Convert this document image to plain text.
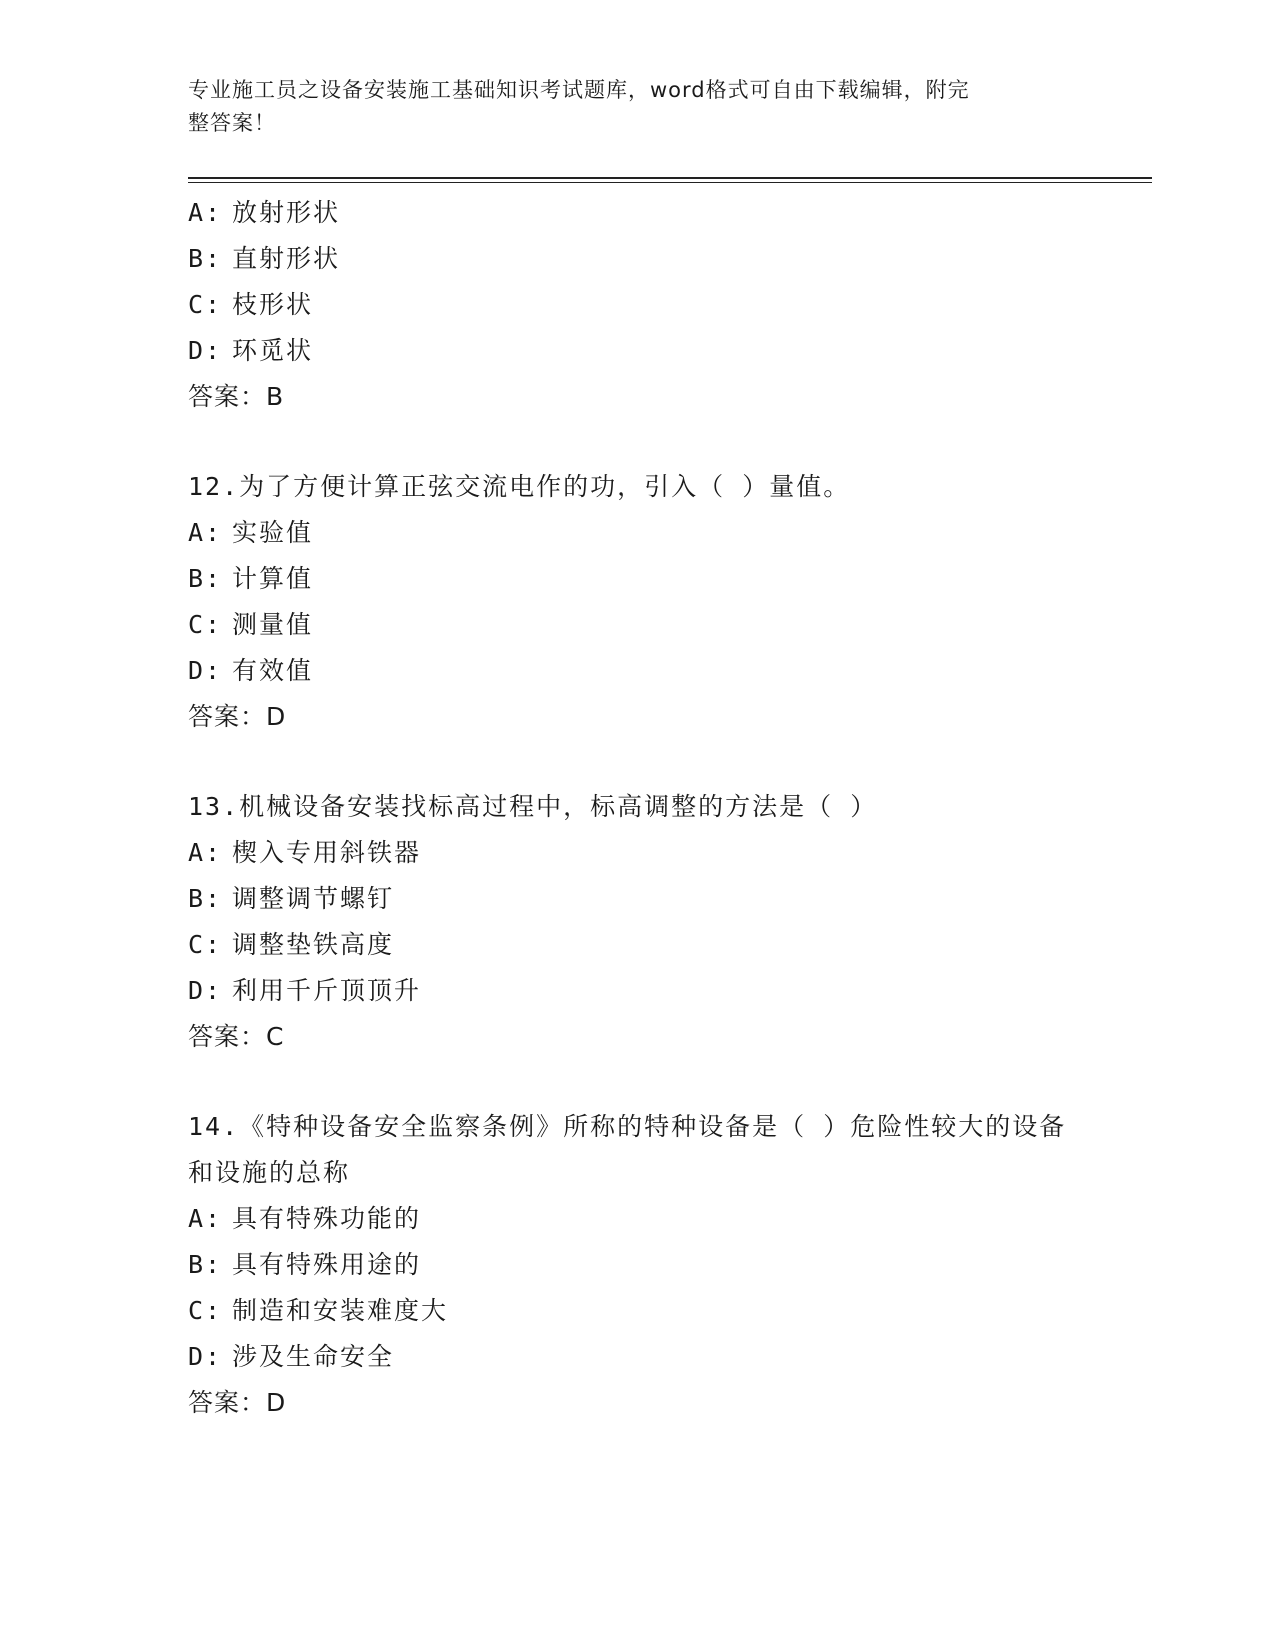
专业施工员之设备安装施工基础知识考试题库，word格式可自由下载编辑，附完
整答案！
A: 放射形状
B: 直射形状
C: 枝形状
D: 环觅状
答案：B
12.为了方便计算正弦交流电作的功，引入（ ）量值。
A: 实验值
B: 计算值
C: 测量值
D: 有效值
答案：D
13.机械设备安装找标高过程中，标高调整的方法是（ ）
A: 楔入专用斜铁器
B: 调整调节螺钉
C: 调整垫铁高度
D: 利用千斤顶顶升
答案：C
14.《特种设备安全监察条例》所称的特种设备是（ ）危险性较大的设备和设施的总称
A: 具有特殊功能的
B: 具有特殊用途的
C: 制造和安装难度大
D: 涉及生命安全
答案：D
